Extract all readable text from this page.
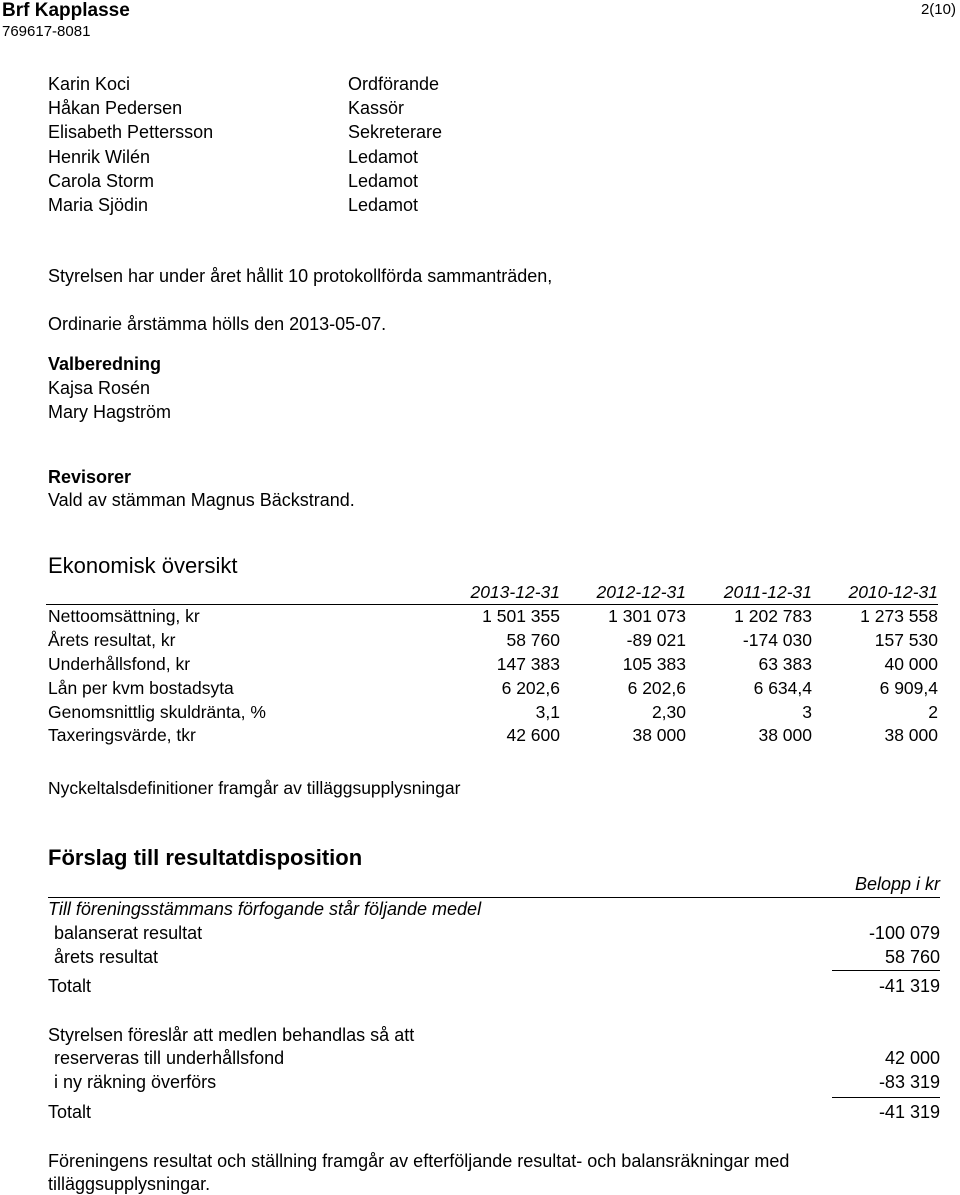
Brf Kapplasse
769617-8081
2(10)
Karin Koci	Ordförande
Håkan Pedersen	Kassör
Elisabeth Pettersson	Sekreterare
Henrik Wilén	Ledamot
Carola Storm	Ledamot
Maria Sjödin	Ledamot
Styrelsen har under året hållit 10 protokollförda sammanträden,
Ordinarie årstämma hölls den 2013-05-07.
Valberedning
Kajsa Rosén
Mary Hagström
Revisorer
Vald av stämman Magnus Bäckstrand.
Ekonomisk översikt
	2013-12-31	2012-12-31	2011-12-31	2010-12-31
Nettoomsättning, kr	1 501 355	1 301 073	1 202 783	1 273 558
Årets resultat, kr	58 760	-89 021	-174 030	157 530
Underhållsfond, kr	147 383	105 383	63 383	40 000
Lån per kvm bostadsyta	6 202,6	6 202,6	6 634,4	6 909,4
Genomsnittlig skuldränta, %	3,1	2,30	3	2
Taxeringsvärde, tkr	42 600	38 000	38 000	38 000
Nyckeltalsdefinitioner framgår av tilläggsupplysningar
Förslag till resultatdisposition
Belopp i kr
Till föreningsstämmans förfogande står följande medel
balanserat resultat	-100 079
årets resultat	58 760
Totalt	-41 319
Styrelsen föreslår att medlen behandlas så att
reserveras till underhållsfond	42 000
i ny räkning överförs	-83 319
Totalt	-41 319
Föreningens resultat och ställning framgår av efterföljande resultat- och balansräkningar med
tilläggsupplysningar.
